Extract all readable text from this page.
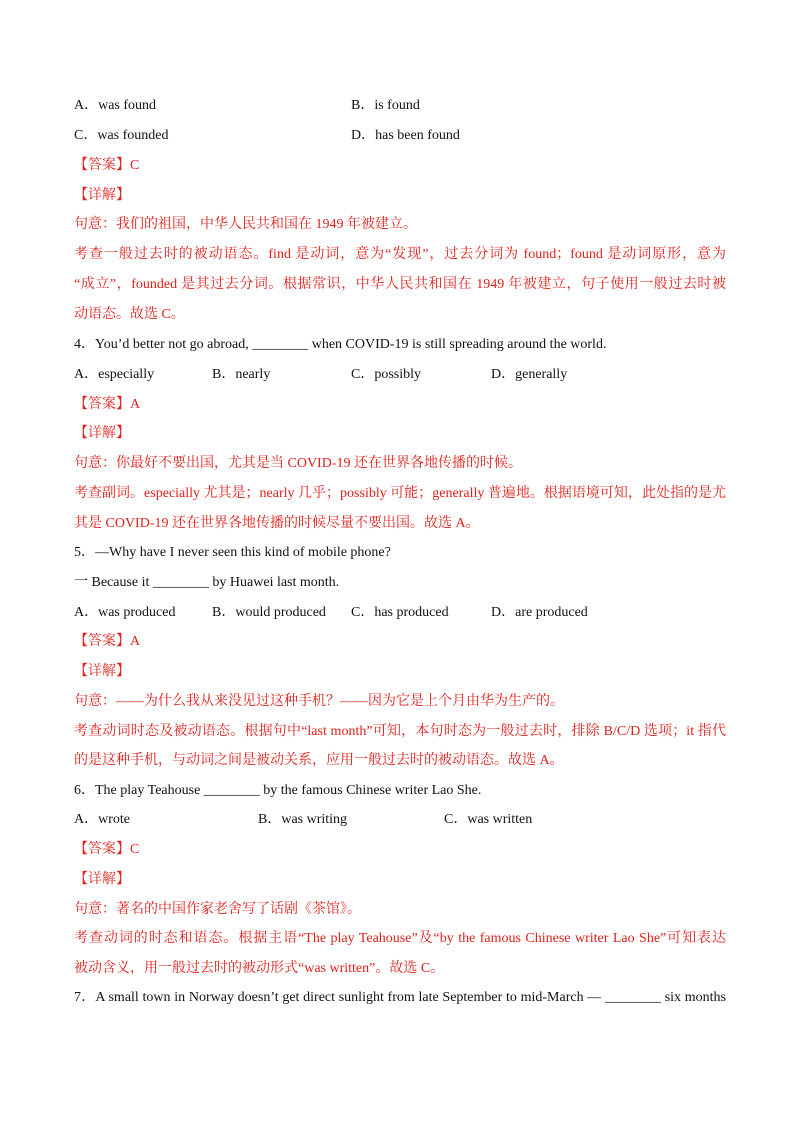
A．was found	B．is found
C．was founded	D．has been found
【答案】C
【详解】
句意：我们的祖国，中华人民共和国在 1949 年被建立。
考查一般过去时的被动语态。find 是动词，意为“发现”，过去分词为 found；found 是动词原形，意为
“成立”，founded 是其过去分词。根据常识，中华人民共和国在 1949 年被建立，句子使用一般过去时被
动语态。故选 C。
4．You’d better not go abroad, ________ when COVID-19 is still spreading around the world.
A．especially	B．nearly	C．possibly	D．generally
【答案】A
【详解】
句意：你最好不要出国，尤其是当 COVID-19 还在世界各地传播的时候。
考查副词。especially 尤其是；nearly 几乎；possibly 可能；generally 普遍地。根据语境可知，此处指的是尤
其是 COVID-19 还在世界各地传播的时候尽量不要出国。故选 A。
5．—Why have I never seen this kind of mobile phone?
一 Because it ________ by Huawei last month.
A．was produced	B．would produced C．has produced	D．are produced
【答案】A
【详解】
句意：——为什么我从来没见过这种手机？——因为它是上个月由华为生产的。
考查动词时态及被动语态。根据句中“last month”可知，本句时态为一般过去时，排除 B/C/D 选项；it 指代
的是这种手机，与动词之间是被动关系，应用一般过去时的被动语态。故选 A。
6．The play Teahouse ________ by the famous Chinese writer Lao She.
A．wrote	B．was writing	C．was written
【答案】C
【详解】
句意：著名的中国作家老舍写了话剧《茶馆》。
考查动词的时态和语态。根据主语“The play Teahouse”及“by the famous Chinese writer Lao She”可知表达
被动含义，用一般过去时的被动形式“was written”。故选 C。
7．A small town in Norway doesn’t get direct sunlight from late September to mid-March — ________ six months
